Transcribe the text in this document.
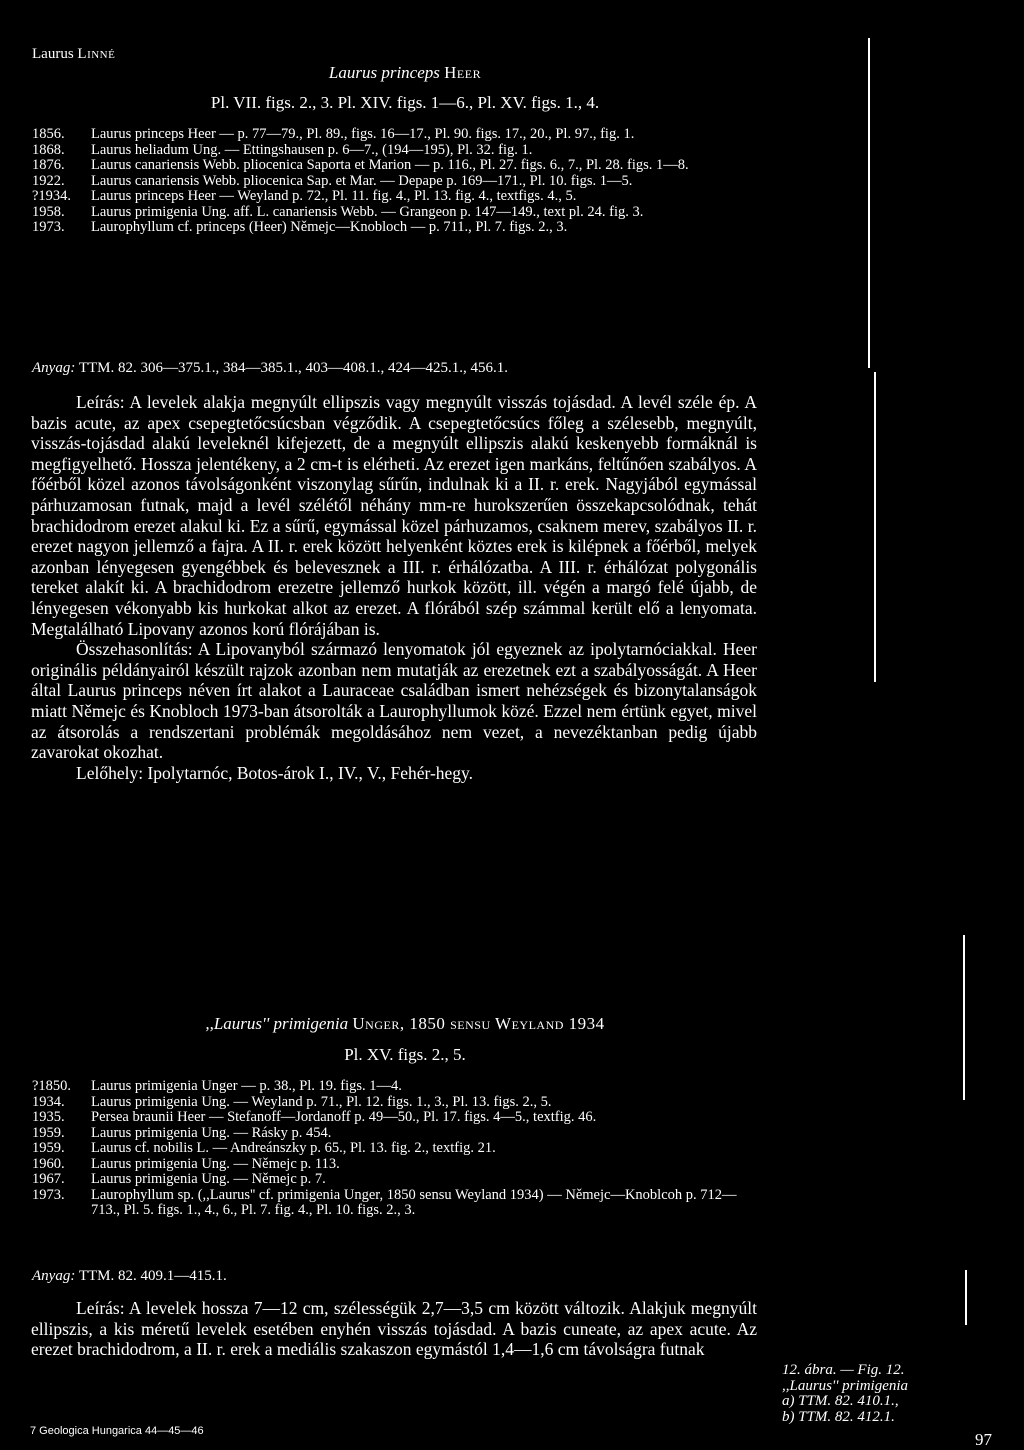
Laurus Linné
Laurus princeps Heer
Pl. VII. figs. 2., 3. Pl. XIV. figs. 1—6., Pl. XV. figs. 1., 4.
1856.	Laurus princeps Heer — p. 77—79., Pl. 89., figs. 16—17., Pl. 90. figs. 17., 20., Pl. 97., fig. 1.
1868.	Laurus heliadum Ung. — Ettingshausen p. 6—7., (194—195), Pl. 32. fig. 1.
1876.	Laurus canariensis Webb. pliocenica Saporta et Marion — p. 116., Pl. 27. figs. 6., 7., Pl. 28. figs. 1—8.
1922.	Laurus canariensis Webb. pliocenica Sap. et Mar. — Depape p. 169—171., Pl. 10. figs. 1—5.
?1934.	Laurus princeps Heer — Weyland p. 72., Pl. 11. fig. 4., Pl. 13. fig. 4., textfigs. 4., 5.
1958.	Laurus primigenia Ung. aff. L. canariensis Webb. — Grangeon p. 147—149., text pl. 24. fig. 3.
1973.	Laurophyllum cf. princeps (Heer) Němejc—Knobloch — p. 711., Pl. 7. figs. 2., 3.
Anyag: TTM. 82. 306—375.1., 384—385.1., 403—408.1., 424—425.1., 456.1.

Leírás: A levelek alakja megnyúlt ellipszis vagy megnyúlt visszás tojásdad. A levél széle ép. A bazis acute, az apex csepegtetőcsúcsban végződik. A csepegtetőcsúcs főleg a szélesebb, megnyúlt, visszás-tojásdad alakú leveleknél kifejezett, de a megnyúlt ellipszis alakú keskenyebb formáknál is megfigyelhető. Hossza jelentékeny, a 2 cm-t is elérheti. Az erezet igen markáns, feltűnően szabályos. A főérből közel azonos távolságonként viszonylag sűrűn, indulnak ki a II. r. erek. Nagyjából egymással párhuzamosan futnak, majd a levél szélétől néhány mm-re hurokszerűen összekapcsolódnak, tehát brachidodrom erezet alakul ki. Ez a sűrű, egymással közel párhuzamos, csaknem merev, szabályos II. r. erezet nagyon jellemző a fajra. A II. r. erek között helyenként köztes erek is kilépnek a főérből, melyek azonban lényegesen gyengébbek és belevesznek a III. r. érhálózatba. A III. r. érhálózat polygonális tereket alakít ki. A brachidodrom erezetre jellemző hurkok között, ill. végén a margó felé újabb, de lényegesen vékonyabb kis hurkokat alkot az erezet. A flórából szép számmal került elő a lenyomata. Megtalálható Lipovany azonos korú flórájában is.

Összehasonlítás: A Lipovanyból származó lenyomatok jól egyeznek az ipolytarnóciakkal. Heer originális példányairól készült rajzok azonban nem mutatják az erezetnek ezt a szabályosságát. A Heer által Laurus princeps néven írt alakot a Lauraceae családban ismert nehézségek és bizonytalanságok miatt Němejc és Knobloch 1973-ban átsorolták a Laurophyllumok közé. Ezzel nem értünk egyet, mivel az átsorolás a rendszertani problémák megoldásához nem vezet, a nevezéktanban pedig újabb zavarokat okozhat.

Lelőhely: Ipolytarnóc, Botos-árok I., IV., V., Fehér-hegy.

,,Laurus'' primigenia Unger, 1850 sensu Weyland 1934
Pl. XV. figs. 2., 5.
?1850.	Laurus primigenia Unger — p. 38., Pl. 19. figs. 1—4.
1934.	Laurus primigenia Ung. — Weyland p. 71., Pl. 12. figs. 1., 3., Pl. 13. figs. 2., 5.
1935.	Persea braunii Heer — Stefanoff—Jordanoff p. 49—50., Pl. 17. figs. 4—5., textfig. 46.
1959.	Laurus primigenia Ung. — Rásky p. 454.
1959.	Laurus cf. nobilis L. — Andreánszky p. 65., Pl. 13. fig. 2., textfig. 21.
1960.	Laurus primigenia Ung. — Němejc p. 113.
1967.	Laurus primigenia Ung. — Němejc p. 7.
1973.	Laurophyllum sp. (,,Laurus'' cf. primigenia Unger, 1850 sensu Weyland 1934) — Němejc—Knoblcoh p. 712—713., Pl. 5. figs. 1., 4., 6., Pl. 7. fig. 4., Pl. 10. figs. 2., 3.
Anyag: TTM. 82. 409.1—415.1.

Leírás: A levelek hossza 7—12 cm, szélességük 2,7—3,5 cm között változik. Alakjuk megnyúlt ellipszis, a kis méretű levelek esetében enyhén visszás tojásdad. A bazis cuneate, az apex acute. Az erezet brachidodrom, a II. r. erek a mediális szakaszon egymástól 1,4—1,6 cm távolságra futnak

12. ábra. — Fig. 12.
,,Laurus'' primigenia
a) TTM. 82. 410.1.,
b) TTM. 82. 412.1.
7 Geologica Hungarica 44—45—46	97
